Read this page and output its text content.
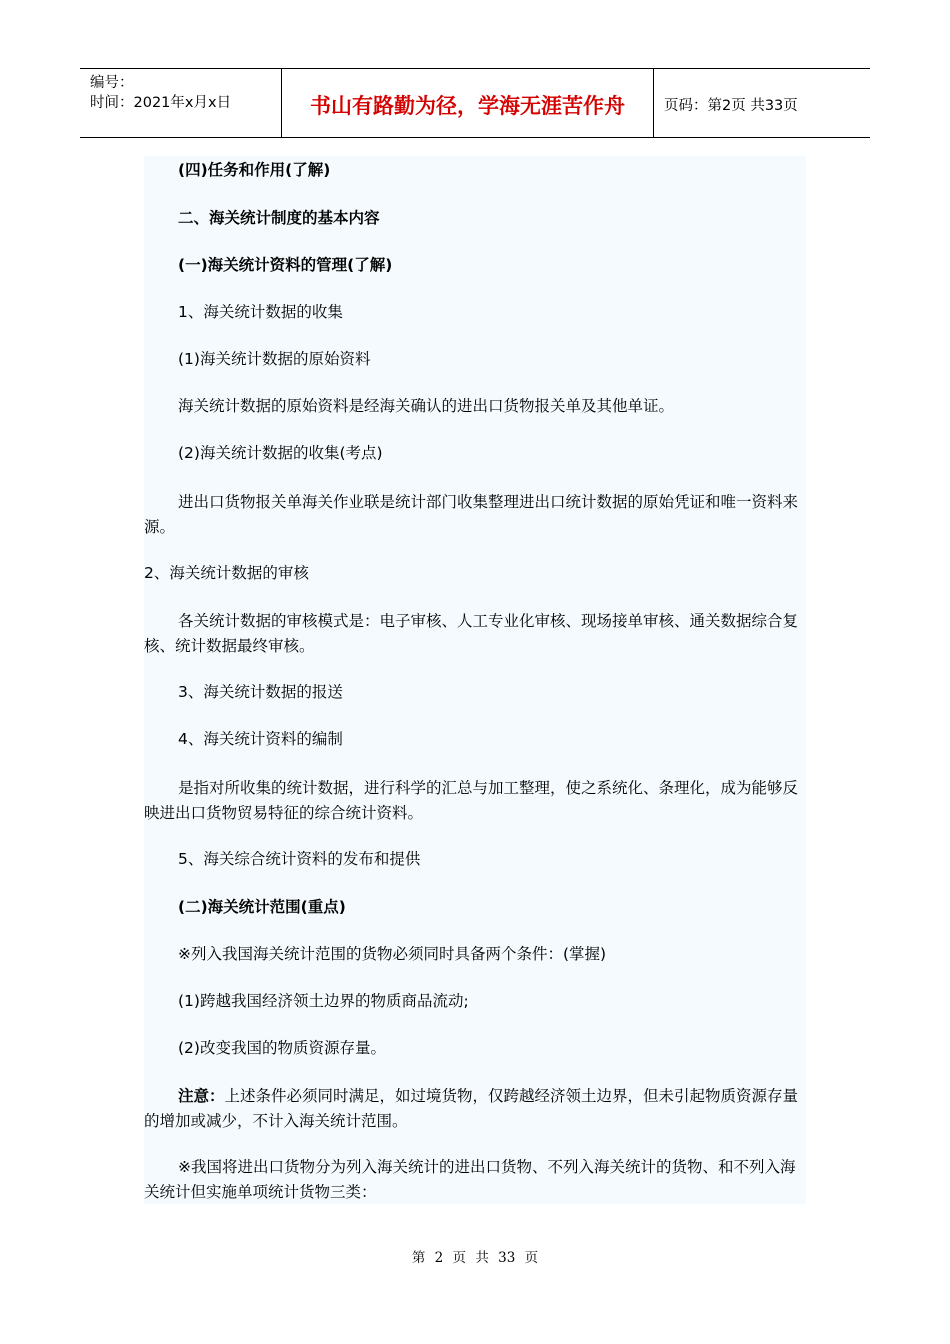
编号：
时间：2021年x月x日	书山有路勤为径，学海无涯苦作舟	页码：第2页 共33页
(四)任务和作用(了解)
二、海关统计制度的基本内容
(一)海关统计资料的管理(了解)
1、海关统计数据的收集
(1)海关统计数据的原始资料
海关统计数据的原始资料是经海关确认的进出口货物报关单及其他单证。
(2)海关统计数据的收集(考点)
进出口货物报关单海关作业联是统计部门收集整理进出口统计数据的原始凭证和唯一资料来源。
2、海关统计数据的审核
各关统计数据的审核模式是：电子审核、人工专业化审核、现场接单审核、通关数据综合复核、统计数据最终审核。
3、海关统计数据的报送
4、海关统计资料的编制
是指对所收集的统计数据，进行科学的汇总与加工整理，使之系统化、条理化，成为能够反映进出口货物贸易特征的综合统计资料。
5、海关综合统计资料的发布和提供
(二)海关统计范围(重点)
※列入我国海关统计范围的货物必须同时具备两个条件：(掌握)
(1)跨越我国经济领土边界的物质商品流动;
(2)改变我国的物质资源存量。
注意：上述条件必须同时满足，如过境货物，仅跨越经济领土边界，但未引起物质资源存量的增加或减少，不计入海关统计范围。
※我国将进出口货物分为列入海关统计的进出口货物、不列入海关统计的货物、和不列入海关统计但实施单项统计货物三类：
第 2 页 共 33 页
